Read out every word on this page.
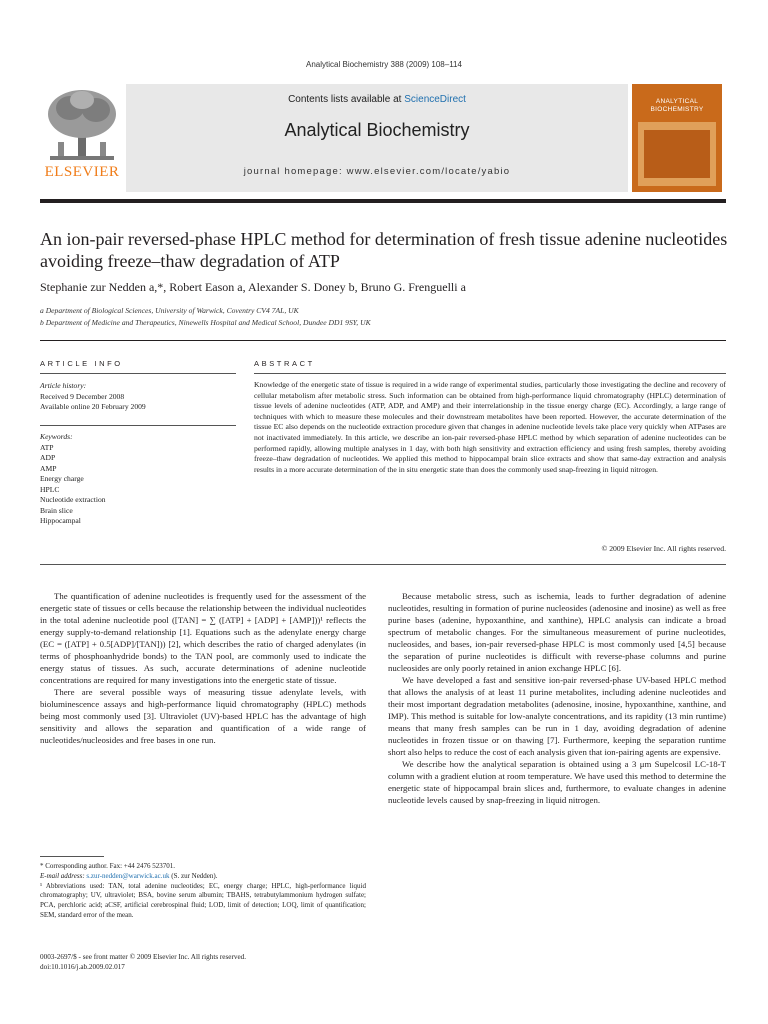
Analytical Biochemistry 388 (2009) 108–114
ELSEVIER
Contents lists available at ScienceDirect
Analytical Biochemistry
journal homepage: www.elsevier.com/locate/yabio
ANALYTICAL BIOCHEMISTRY
An ion-pair reversed-phase HPLC method for determination of fresh tissue adenine nucleotides avoiding freeze–thaw degradation of ATP
Stephanie zur Nedden a,*, Robert Eason a, Alexander S. Doney b, Bruno G. Frenguelli a
a Department of Biological Sciences, University of Warwick, Coventry CV4 7AL, UK
b Department of Medicine and Therapeutics, Ninewells Hospital and Medical School, Dundee DD1 9SY, UK
ARTICLE INFO	ABSTRACT
Article history:
Received 9 December 2008
Available online 20 February 2009
Keywords:
ATP
ADP
AMP
Energy charge
HPLC
Nucleotide extraction
Brain slice
Hippocampal
Knowledge of the energetic state of tissue is required in a wide range of experimental studies, particularly those investigating the decline and recovery of cellular metabolism after metabolic stress. Such information can be obtained from high-performance liquid chromatography (HPLC) determination of tissue levels of adenine nucleotides (ATP, ADP, and AMP) and their interrelationship in the tissue energy charge (EC). Accordingly, a large range of techniques with which to measure these molecules and their downstream metabolites have been reported. However, the accurate determination of the tissue EC also depends on the nucleotide extraction procedure given that changes in adenine nucleotide levels take place very quickly when ATPases are not inactivated immediately. In this article, we describe an ion-pair reversed-phase HPLC method by which separation of adenine nucleotides can be performed rapidly, allowing multiple analyses in 1 day, with both high sensitivity and extraction efficiency and using fresh samples, thereby avoiding freeze–thaw degradation of nucleotides. We applied this method to hippocampal brain slice extracts and show that same-day extraction and analysis results in a more accurate determination of the in situ energetic state than does the commonly used snap-freezing in liquid nitrogen.
© 2009 Elsevier Inc. All rights reserved.

The quantification of adenine nucleotides is frequently used for the assessment of the energetic state of tissues or cells because the relationship between the individual nucleotides in the total adenine nucleotide pool ([TAN] = ∑ ([ATP] + [ADP] + [AMP]))¹ reflects the energy supply-to-demand relationship [1]. Equations such as the adenylate energy charge (EC = ([ATP] + 0.5[ADP]/[TAN])) [2], which describes the ratio of charged adenylates (in terms of phosphoanhydride bonds) to the TAN pool, are commonly used to indicate the energy status of tissues. As such, accurate determinations of adenine nucleotide concentrations are required for many investigations into the energetic state of tissue.

There are several possible ways of measuring tissue adenylate levels, with bioluminescence assays and high-performance liquid chromatography (HPLC) methods being most commonly used [3]. Ultraviolet (UV)-based HPLC has the advantage of high sensitivity and allows the separation and quantification of a wide range of nucleotides/nucleosides and free bases in one run.

Because metabolic stress, such as ischemia, leads to further degradation of adenine nucleotides, resulting in formation of purine nucleosides (adenosine and inosine) as well as free purine bases (adenine, hypoxanthine, and xanthine), HPLC analysis can indicate a broad spectrum of metabolic changes. For the simultaneous measurement of purine nucleotides, nucleosides, and bases, ion-pair reversed-phase HPLC is most commonly used [4,5] because the separation of purine nucleotides is difficult with reverse-phase columns and purine nucleosides are only poorly retained in anion exchange HPLC [6].

We have developed a fast and sensitive ion-pair reversed-phase UV-based HPLC method that allows the analysis of at least 11 purine metabolites, including adenine nucleotides and their most important degradation metabolites (adenosine, inosine, hypoxanthine, xanthine, and IMP). This method is suitable for low-analyte concentrations, and its rapidity (13 min runtime) means that many fresh samples can be run in 1 day, avoiding degradation of adenine nucleotides in frozen tissue or on thawing [7]. Furthermore, keeping the separation runtime short also helps to reduce the cost of each analysis given that ion-pairing agents are expensive.

We describe how the analytical separation is obtained using a 3 μm Supelcosil LC-18-T column with a gradient elution at room temperature. We have used this method to determine the energetic state of hippocampal brain slices and, furthermore, to evaluate changes in adenine nucleotide levels caused by snap-freezing in liquid nitrogen.

* Corresponding author. Fax: +44 2476 523701.
E-mail address: s.zur-nedden@warwick.ac.uk (S. zur Nedden).
¹ Abbreviations used: TAN, total adenine nucleotides; EC, energy charge; HPLC, high-performance liquid chromatography; UV, ultraviolet; BSA, bovine serum albumin; TBAHS, tetrabutylammonium hydrogen sulfate; PCA, perchloric acid; aCSF, artificial cerebrospinal fluid; LOD, limit of detection; LOQ, limit of quantification; SEM, standard error of the mean.
0003-2697/$ - see front matter © 2009 Elsevier Inc. All rights reserved.
doi:10.1016/j.ab.2009.02.017
